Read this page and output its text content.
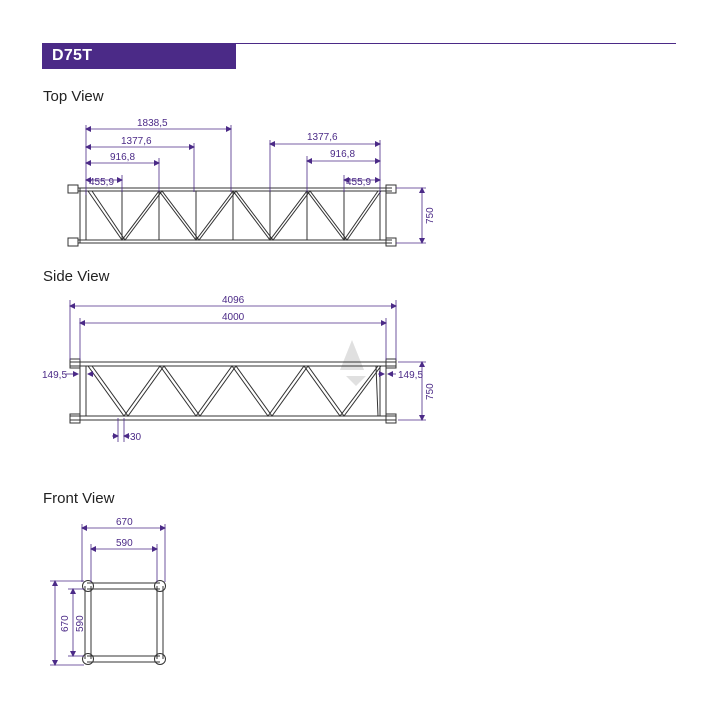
D75T
Top View
Side View
Front View
1838,5
1377,6
916,8
455,9
1377,6
916,8
455,9
750
4096
4000
149,5	149,5
750
30
670
590
670 590
